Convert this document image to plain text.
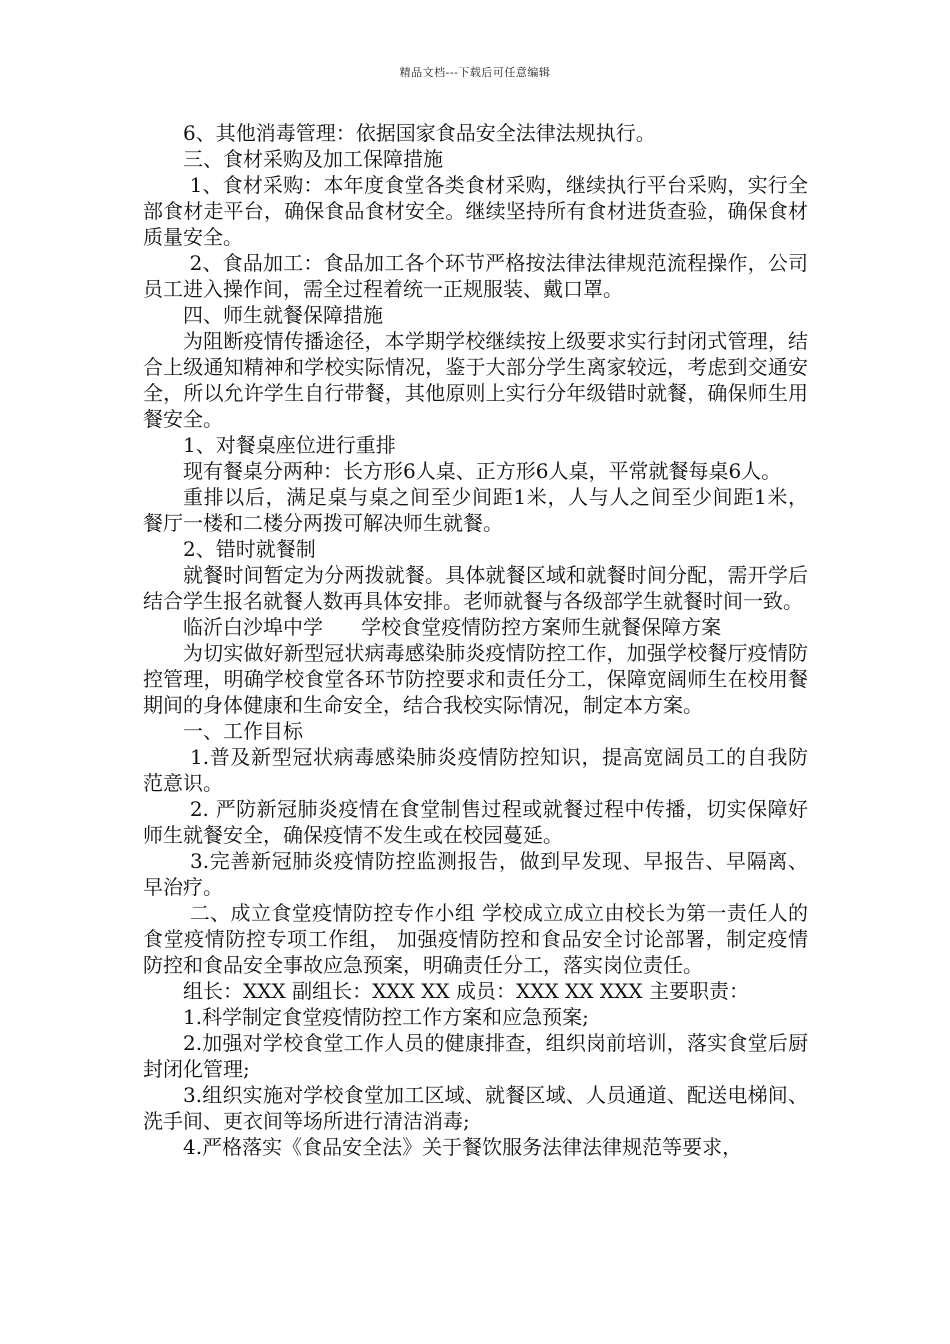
精品文档---下载后可任意编辑

6、其他消毒管理：依据国家食品安全法律法规执行。

三、食材采购及加工保障措施

1、食材采购：本年度食堂各类食材采购，继续执行平台采购，实行全部食材走平台，确保食品食材安全。继续坚持所有食材进货查验，确保食材质量安全。

2、食品加工：食品加工各个环节严格按法律法律规范流程操作，公司员工进入操作间，需全过程着统一正规服装、戴口罩。

四、师生就餐保障措施

为阻断疫情传播途径，本学期学校继续按上级要求实行封闭式管理，结合上级通知精神和学校实际情况，鉴于大部分学生离家较远，考虑到交通安全，所以允许学生自行带餐，其他原则上实行分年级错时就餐，确保师生用餐安全。

1、对餐桌座位进行重排

现有餐桌分两种：长方形6人桌、正方形6人桌，平常就餐每桌6人。

重排以后，满足桌与桌之间至少间距1米，人与人之间至少间距1米，餐厅一楼和二楼分两拨可解决师生就餐。

2、错时就餐制

就餐时间暂定为分两拨就餐。具体就餐区域和就餐时间分配，需开学后结合学生报名就餐人数再具体安排。老师就餐与各级部学生就餐时间一致。

临沂白沙埠中学      学校食堂疫情防控方案师生就餐保障方案

为切实做好新型冠状病毒感染肺炎疫情防控工作，加强学校餐厅疫情防控管理，明确学校食堂各环节防控要求和责任分工，保障宽阔师生在校用餐期间的身体健康和生命安全，结合我校实际情况，制定本方案。

一、工作目标

1.普及新型冠状病毒感染肺炎疫情防控知识，提高宽阔员工的自我防范意识。

2. 严防新冠肺炎疫情在食堂制售过程或就餐过程中传播，切实保障好师生就餐安全，确保疫情不发生或在校园蔓延。

3.完善新冠肺炎疫情防控监测报告，做到早发现、早报告、早隔离、早治疗。

二、成立食堂疫情防控专作小组 学校成立成立由校长为第一责任人的食堂疫情防控专项工作组， 加强疫情防控和食品安全讨论部署，制定疫情防控和食品安全事故应急预案，明确责任分工，落实岗位责任。

组长：XXX 副组长：XXX XX 成员：XXX XX XXX 主要职责：

1.科学制定食堂疫情防控工作方案和应急预案;

2.加强对学校食堂工作人员的健康排查，组织岗前培训，落实食堂后厨封闭化管理;

3.组织实施对学校食堂加工区域、就餐区域、人员通道、配送电梯间、洗手间、更衣间等场所进行清洁消毒;

4.严格落实《食品安全法》关于餐饮服务法律法律规范等要求，
